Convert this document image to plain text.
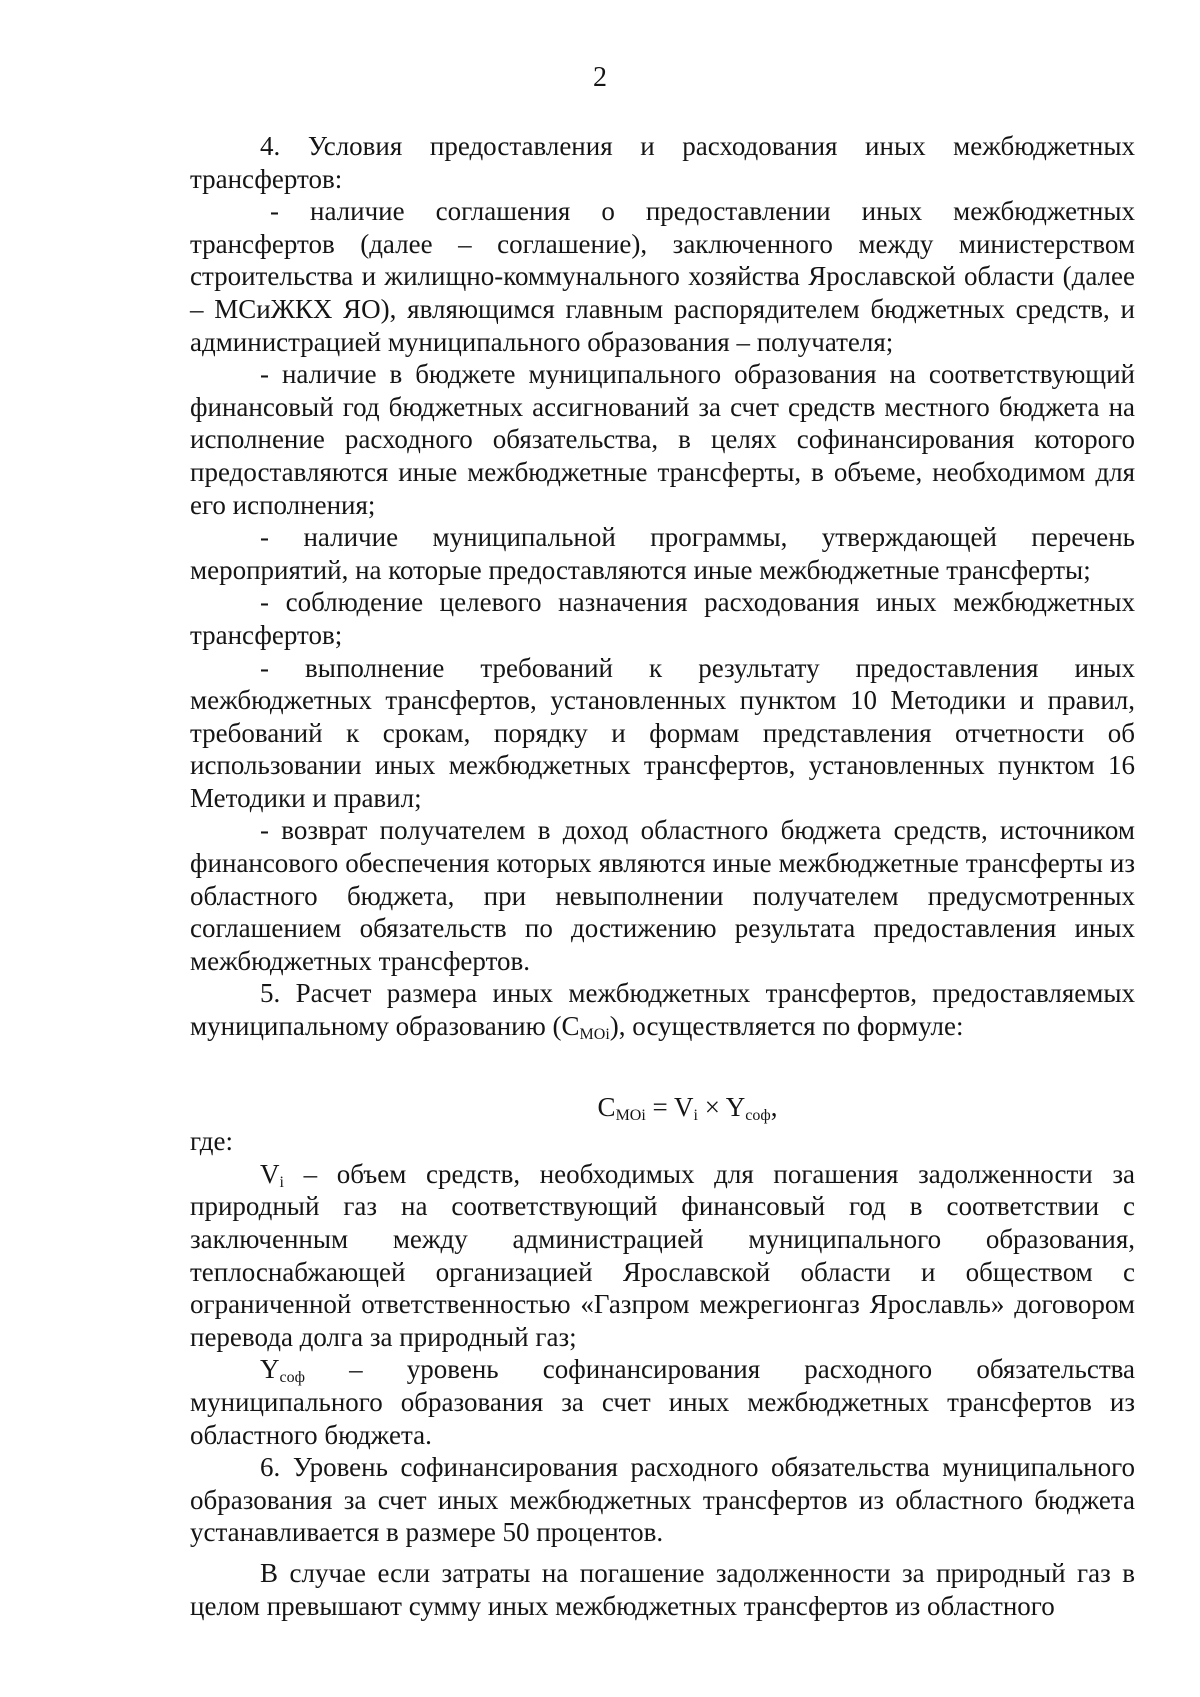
2

4. Условия предоставления и расходования иных межбюджетных трансфертов:

- наличие соглашения о предоставлении иных межбюджетных трансфертов (далее – соглашение), заключенного между министерством строительства и жилищно-коммунального хозяйства Ярославской области (далее – МСиЖКХ ЯО), являющимся главным распорядителем бюджетных средств, и администрацией муниципального образования – получателя;

- наличие в бюджете муниципального образования на соответствующий финансовый год бюджетных ассигнований за счет средств местного бюджета на исполнение расходного обязательства, в целях софинансирования которого предоставляются иные межбюджетные трансферты, в объеме, необходимом для его исполнения;

- наличие муниципальной программы, утверждающей перечень мероприятий, на которые предоставляются иные межбюджетные трансферты;

- соблюдение целевого назначения расходования иных межбюджетных трансфертов;

- выполнение требований к результату предоставления иных межбюджетных трансфертов, установленных пунктом 10 Методики и правил, требований к срокам, порядку и формам представления отчетности об использовании иных межбюджетных трансфертов, установленных пунктом 16 Методики и правил;

- возврат получателем в доход областного бюджета средств, источником финансового обеспечения которых являются иные межбюджетные трансферты из областного бюджета, при невыполнении получателем предусмотренных соглашением обязательств по достижению результата предоставления иных межбюджетных трансфертов.

5. Расчет размера иных межбюджетных трансфертов, предоставляемых муниципальному образованию $(С_{МОi})$, осуществляется по формуле:

$С_{МОi} = V_i \times Y_{соф}$,

где:

$V_i$ – объем средств, необходимых для погашения задолженности за природный газ на соответствующий финансовый год в соответствии с заключенным между администрацией муниципального образования, теплоснабжающей организацией Ярославской области и обществом с ограниченной ответственностью «Газпром межрегионгаз Ярославль» договором перевода долга за природный газ;

$Y_{соф}$ – уровень софинансирования расходного обязательства муниципального образования за счет иных межбюджетных трансфертов из областного бюджета.

6. Уровень софинансирования расходного обязательства муниципального образования за счет иных межбюджетных трансфертов из областного бюджета устанавливается в размере 50 процентов.

В случае если затраты на погашение задолженности за природный газ в целом превышают сумму иных межбюджетных трансфертов из областного
